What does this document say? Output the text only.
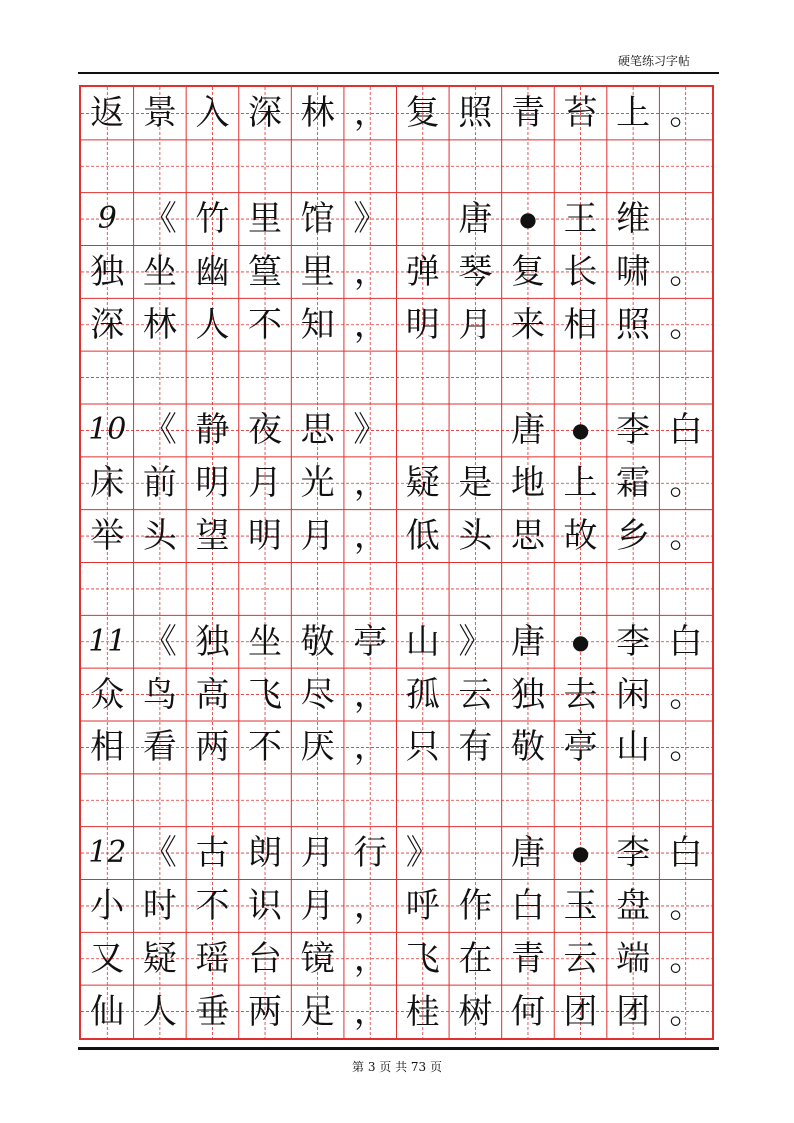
硬笔练习字帖
返 景 入 深 林 ， 复 照 青 苔 上 。
9 《 竹 里 馆 》 唐	● 王 维
独 坐 幽 篁 里 ， 弹 琴 复 长 啸 。
深 林 人 不 知 ， 明 月 来 相 照 。
10 《 静 夜 思 》	唐	● 李 白
床 前 明 月 光 ， 疑 是 地 上 霜 。
举 头 望 明 月 ， 低 头 思 故 乡 。
11 《 独 坐 敬 亭 山 》 唐	● 李 白
众 鸟 高 飞 尽 ， 孤 云 独 去 闲 。
相 看 两 不 厌 ， 只 有 敬 亭 山 。
12 《 古 朗 月 行 》 唐	● 李 白
小 时 不 识 月 ， 呼 作 白 玉 盘 。
又 疑 瑶 台 镜 ， 飞 在 青 云 端 。
仙 人 垂 两 足 ， 桂 树 何 团 团 。
第 3 页 共 73 页
